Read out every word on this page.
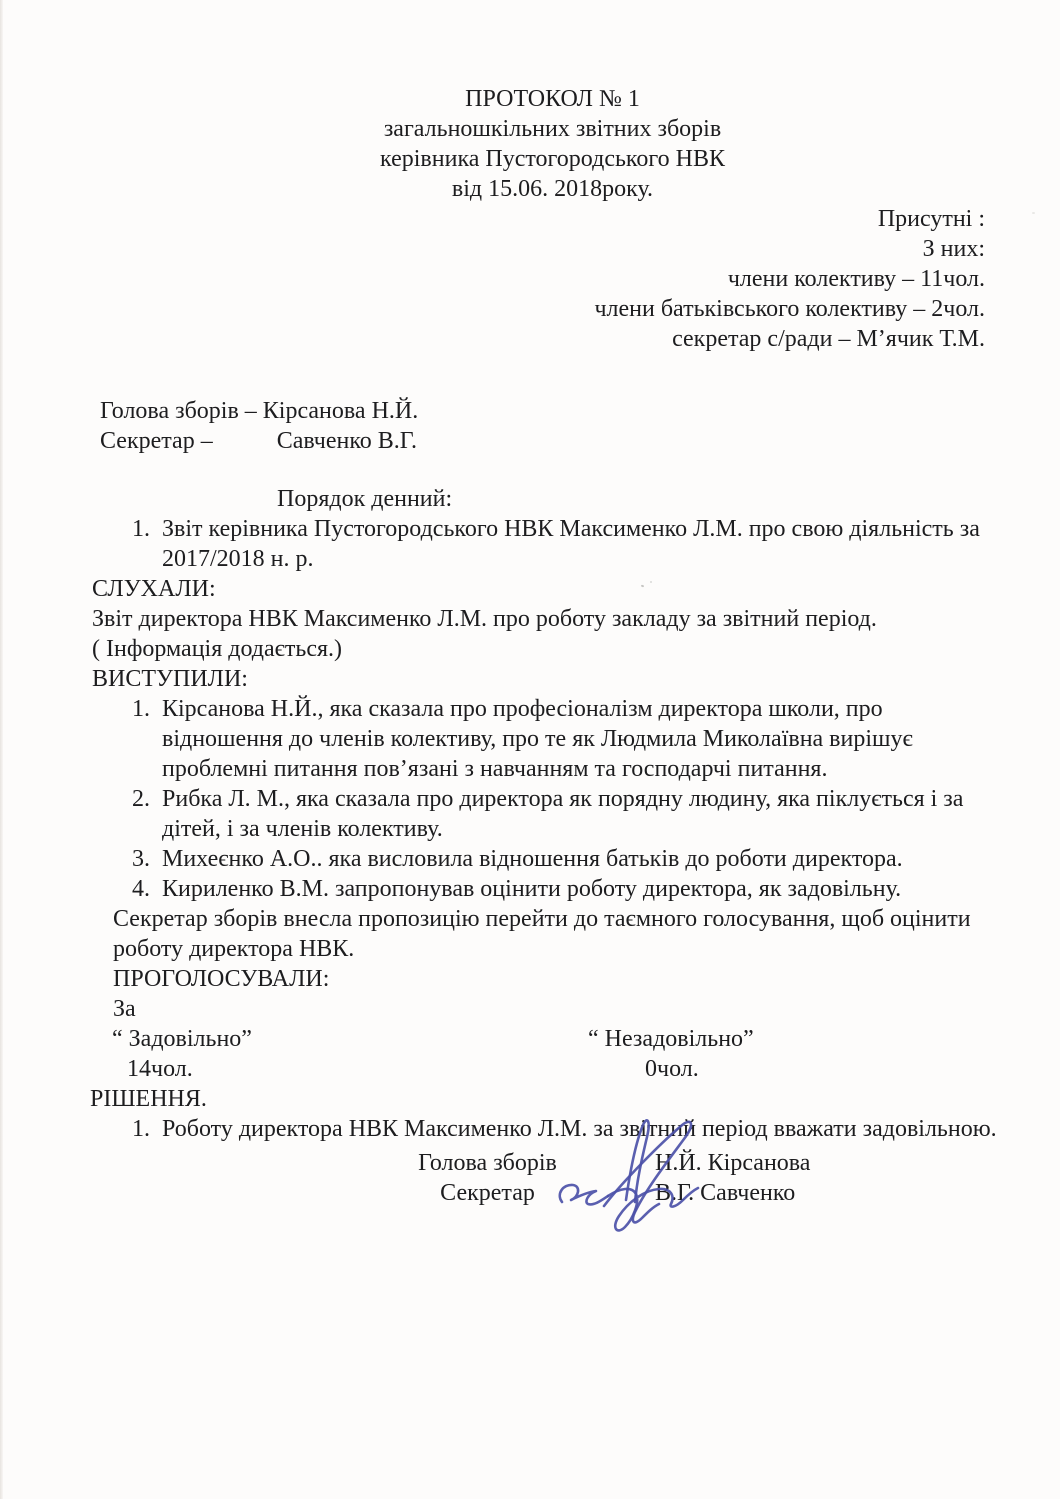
ПРОТОКОЛ № 1
загальношкільних звітних зборів
керівника Пустогородського НВК
від 15.06. 2018року.
Присутні :
З них:
члени колективу – 11чол.
члени батьківського колективу – 2чол.
секретар с/ради – М’ячик Т.М.
Голова зборів – Кірсанова Н.Й.
Секретар –	Савченко В.Г.
Порядок денний:
1. Звіт керівника Пустогородського НВК Максименко Л.М. про свою діяльність за 2017/2018 н. р.
СЛУХАЛИ:
Звіт директора НВК Максименко Л.М. про роботу закладу за звітний період.
( Інформація додається.)
ВИСТУПИЛИ:
1. Кірсанова Н.Й., яка сказала про професіоналізм директора школи, про відношення до членів колективу, про те як Людмила Миколаївна вирішує проблемні питання пов’язані з навчанням та господарчі питання.
2. Рибка Л. М., яка сказала про директора як порядну людину, яка піклується і за дітей, і за членів колективу.
3. Михеєнко А.О.. яка висловила відношення батьків до роботи директора.
4. Кириленко В.М. запропонував оцінити роботу директора, як задовільну.
Секретар зборів внесла пропозицію перейти до таємного голосування, щоб оцінити роботу директора НВК.
ПРОГОЛОСУВАЛИ:
За
“ Задовільно”	“ Незадовільно”
14чол.	0чол.
РІШЕННЯ.
1. Роботу директора НВК Максименко Л.М. за звітний період вважати задовільною.
Голова зборів	Н.Й. Кірсанова
Секретар	В.Г. Савченко
